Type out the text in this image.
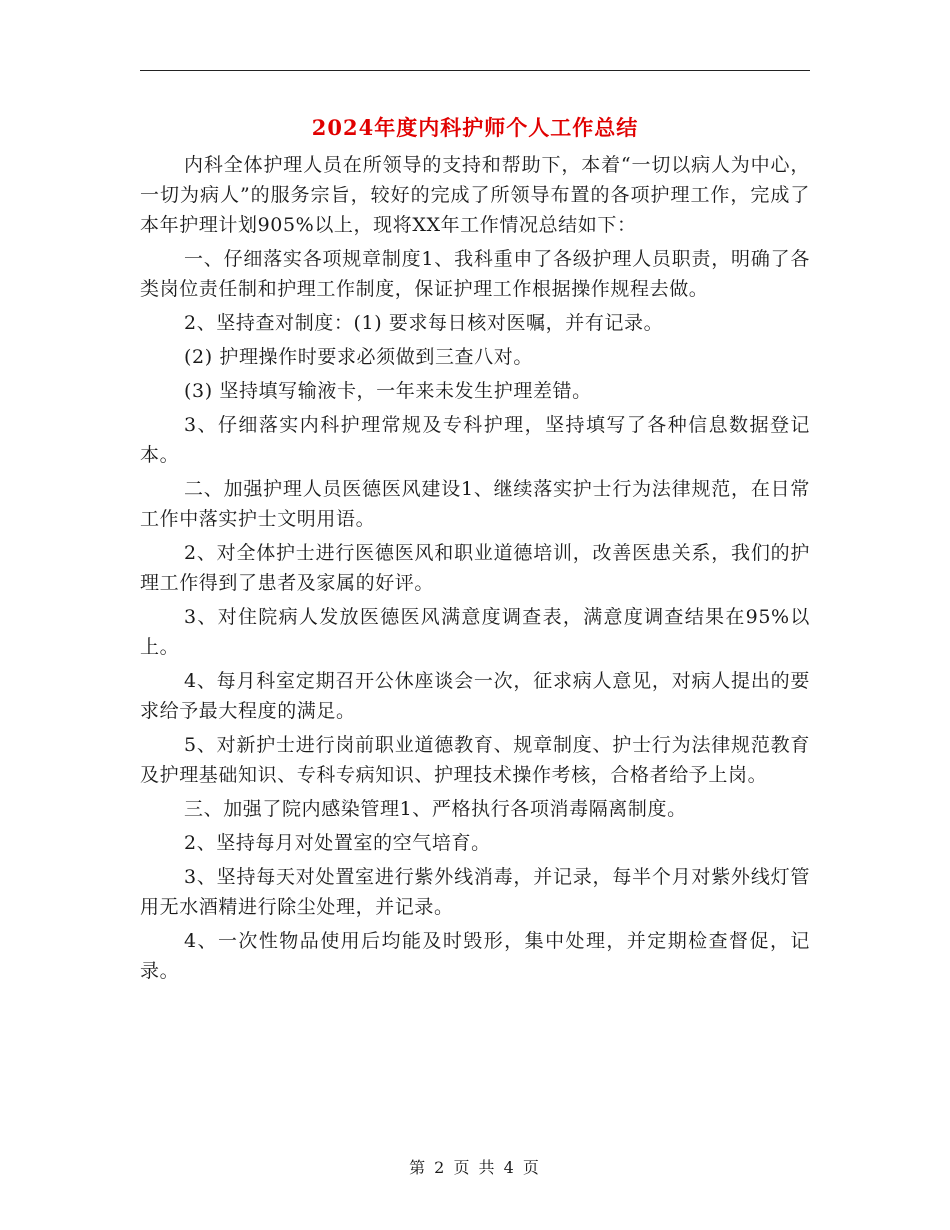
2024年度内科护师个人工作总结

内科全体护理人员在所领导的支持和帮助下，本着“一切以病人为中心，一切为病人”的服务宗旨，较好的完成了所领导布置的各项护理工作，完成了本年护理计划905%以上，现将XX年工作情况总结如下：

一、仔细落实各项规章制度1、我科重申了各级护理人员职责，明确了各类岗位责任制和护理工作制度，保证护理工作根据操作规程去做。

2、坚持查对制度：(1) 要求每日核对医嘱，并有记录。

(2) 护理操作时要求必须做到三查八对。

(3) 坚持填写输液卡，一年来未发生护理差错。

3、仔细落实内科护理常规及专科护理，坚持填写了各种信息数据登记本。

二、加强护理人员医德医风建设1、继续落实护士行为法律规范，在日常工作中落实护士文明用语。

2、对全体护士进行医德医风和职业道德培训，改善医患关系，我们的护理工作得到了患者及家属的好评。

3、对住院病人发放医德医风满意度调查表，满意度调查结果在95%以上。

4、每月科室定期召开公休座谈会一次，征求病人意见，对病人提出的要求给予最大程度的满足。

5、对新护士进行岗前职业道德教育、规章制度、护士行为法律规范教育及护理基础知识、专科专病知识、护理技术操作考核，合格者给予上岗。

三、加强了院内感染管理1、严格执行各项消毒隔离制度。

2、坚持每月对处置室的空气培育。

3、坚持每天对处置室进行紫外线消毒，并记录，每半个月对紫外线灯管用无水酒精进行除尘处理，并记录。

4、一次性物品使用后均能及时毁形，集中处理，并定期检查督促，记录。

第 2 页 共 4 页
